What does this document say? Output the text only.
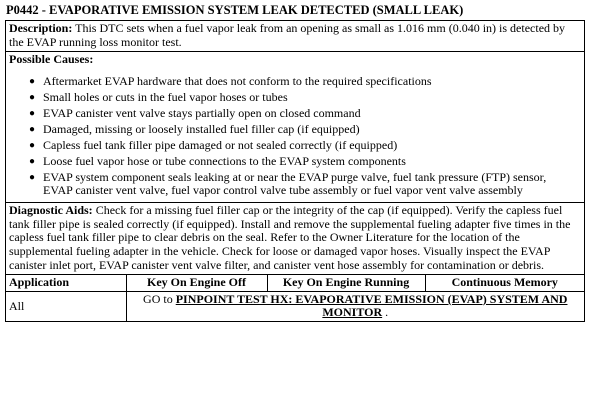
P0442 - EVAPORATIVE EMISSION SYSTEM LEAK DETECTED (SMALL LEAK)
Description: This DTC sets when a fuel vapor leak from an opening as small as 1.016 mm (0.040 in) is detected by the EVAP running loss monitor test.
Possible Causes:
● Aftermarket EVAP hardware that does not conform to the required specifications
● Small holes or cuts in the fuel vapor hoses or tubes
● EVAP canister vent valve stays partially open on closed command
● Damaged, missing or loosely installed fuel filler cap (if equipped)
● Capless fuel tank filler pipe damaged or not sealed correctly (if equipped)
● Loose fuel vapor hose or tube connections to the EVAP system components
● EVAP system component seals leaking at or near the EVAP purge valve, fuel tank pressure (FTP) sensor, EVAP canister vent valve, fuel vapor control valve tube assembly or fuel vapor vent valve assembly
Diagnostic Aids: Check for a missing fuel filler cap or the integrity of the cap (if equipped). Verify the capless fuel tank filler pipe is sealed correctly (if equipped). Install and remove the supplemental fueling adapter five times in the capless fuel tank filler pipe to clear debris on the seal. Refer to the Owner Literature for the location of the supplemental fueling adapter in the vehicle. Check for loose or damaged vapor hoses. Visually inspect the EVAP canister inlet port, EVAP canister vent valve filter, and canister vent hose assembly for contamination or debris.
Application	Key On Engine Off	Key On Engine Running	Continuous Memory
All	GO to PINPOINT TEST HX: EVAPORATIVE EMISSION (EVAP) SYSTEM AND MONITOR .		
